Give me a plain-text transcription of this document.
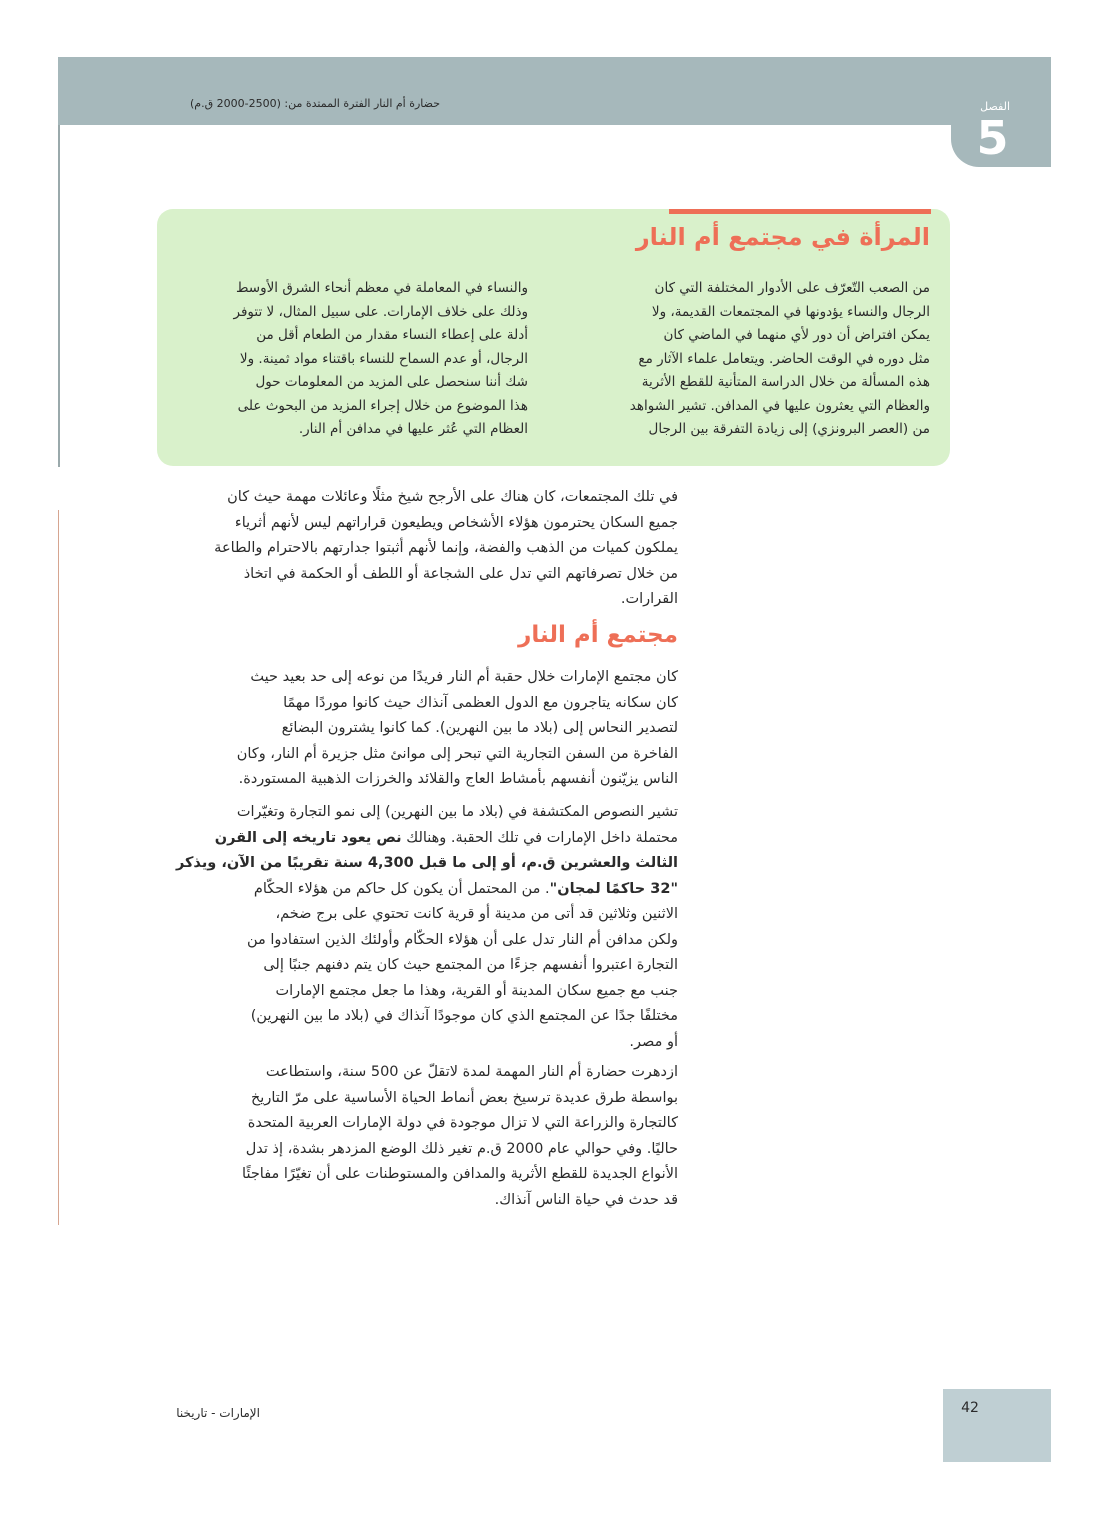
حضارة أم النار الفترة الممتدة من: (2500-2000 ق.م)	الفصل
5
المرأة في مجتمع أم النار
من الصعب التّعرّف على الأدوار المختلفة التي كان
الرجال والنساء يؤدونها في المجتمعات القديمة، ولا
يمكن افتراض أن دور لأي منهما في الماضي كان
مثل دوره في الوقت الحاضر. ويتعامل علماء الآثار مع
هذه المسألة من خلال الدراسة المتأنية للقطع الأثرية
والعظام التي يعثرون عليها في المدافن. تشير الشواهد
من (العصر البرونزي) إلى زيادة التفرقة بين الرجال
والنساء في المعاملة في معظم أنحاء الشرق الأوسط
وذلك على خلاف الإمارات. على سبيل المثال، لا تتوفر
أدلة على إعطاء النساء مقدار من الطعام أقل من
الرجال، أو عدم السماح للنساء باقتناء مواد ثمينة. ولا
شك أننا سنحصل على المزيد من المعلومات حول
هذا الموضوع من خلال إجراء المزيد من البحوث على
العظام التي عُثر عليها في مدافن أم النار.
في تلك المجتمعات، كان هناك على الأرجح شيخ مثلًا وعائلات مهمة حيث كان
جميع السكان يحترمون هؤلاء الأشخاص ويطيعون قراراتهم ليس لأنهم أثرياء
يملكون كميات من الذهب والفضة، وإنما لأنهم أثبتوا جدارتهم بالاحترام والطاعة
من خلال تصرفاتهم التي تدل على الشجاعة أو اللطف أو الحكمة في اتخاذ
القرارات.
مجتمع أم النار
كان مجتمع الإمارات خلال حقبة أم النار فريدًا من نوعه إلى حد بعيد حيث
كان سكانه يتاجرون مع الدول العظمى آنذاك حيث كانوا موردًا مهمًا
لتصدير النحاس إلى (بلاد ما بين النهرين). كما كانوا يشترون البضائع
الفاخرة من السفن التجارية التي تبحر إلى موانئ مثل جزيرة أم النار، وكان
الناس يزيّنون أنفسهم بأمشاط العاج والقلائد والخرزات الذهبية المستوردة.
تشير النصوص المكتشفة في (بلاد ما بين النهرين) إلى نمو التجارة وتغيّرات
محتملة داخل الإمارات في تلك الحقبة. وهنالك نص يعود تاريخه إلى القرن
الثالث والعشرين ق.م، أو إلى ما قبل 4,300 سنة تقريبًا من الآن، ويذكر
"32 حاكمًا لمجان". من المحتمل أن يكون كل حاكم من هؤلاء الحكّام
الاثنين وثلاثين قد أتى من مدينة أو قرية كانت تحتوي على برج ضخم،
ولكن مدافن أم النار تدل على أن هؤلاء الحكّام وأولئك الذين استفادوا من
التجارة اعتبروا أنفسهم جزءًا من المجتمع حيث كان يتم دفنهم جنبًا إلى
جنب مع جميع سكان المدينة أو القرية، وهذا ما جعل مجتمع الإمارات
مختلفًا جدًا عن المجتمع الذي كان موجودًا آنذاك في (بلاد ما بين النهرين)
أو مصر.
ازدهرت حضارة أم النار المهمة لمدة لاتقلّ عن 500 سنة، واستطاعت
بواسطة طرق عديدة ترسيخ بعض أنماط الحياة الأساسية على مرّ التاريخ
كالتجارة والزراعة التي لا تزال موجودة في دولة الإمارات العربية المتحدة
حاليًا. وفي حوالي عام 2000 ق.م تغير ذلك الوضع المزدهر بشدة، إذ تدل
الأنواع الجديدة للقطع الأثرية والمدافن والمستوطنات على أن تغيّرًا مفاجئًا
قد حدث في حياة الناس آنذاك.
42
الإمارات - تاريخنا
